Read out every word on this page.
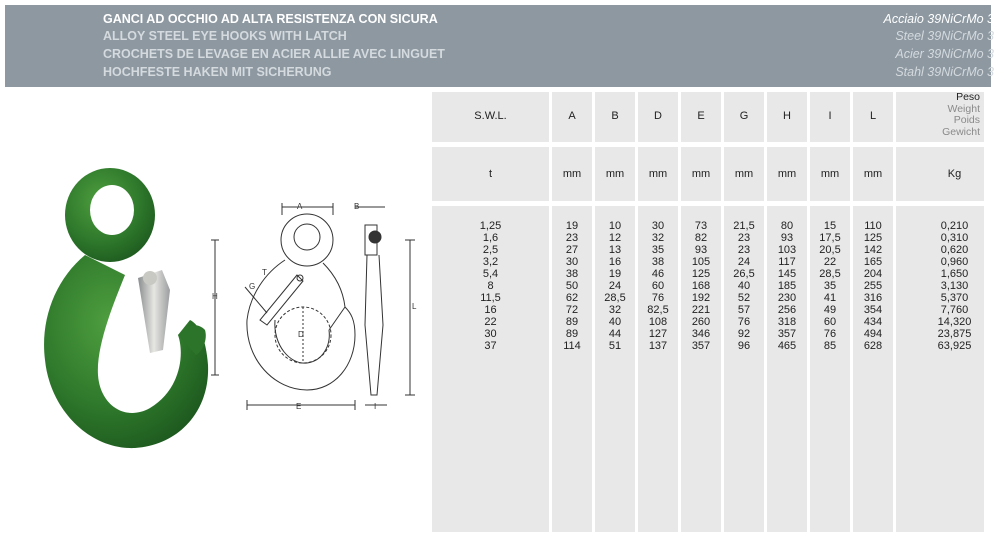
GANCI AD OCCHIO AD ALTA RESISTENZA CON SICURA
ALLOY STEEL EYE HOOKS WITH LATCH
CROCHETS DE LEVAGE EN ACIER ALLIE AVEC LINGUET
HOCHFESTE HAKEN MIT SICHERUNG
Acciaio 39NiCrMo 3
Steel 39NiCrMo 3
Acier 39NiCrMo 3
Stahl 39NiCrMo 3
A	B
T
G
H
D
E
L
I
S.W.L.	A	B	D	E	G	H	I	L
Peso
Weight
Poids
Gewicht
t	mm	mm	mm	mm	mm	mm	mm	mm	Kg
1,25	19	10	30	73	21,5	80	15	110	0,210
1,6	23	12	32	82	23	93	17,5	125	0,310
2,5	27	13	35	93	23	103	20,5	142	0,620
3,2	30	16	38	105	24	117	22	165	0,960
5,4	38	19	46	125	26,5	145	28,5	204	1,650
8	50	24	60	168	40	185	35	255	3,130
11,5	62	28,5	76	192	52	230	41	316	5,370
16	72	32	82,5	221	57	256	49	354	7,760
22	89	40	108	260	76	318	60	434	14,320
30	89	44	127	346	92	357	76	494	23,875
37	114	51	137	357	96	465	85	628	63,925
